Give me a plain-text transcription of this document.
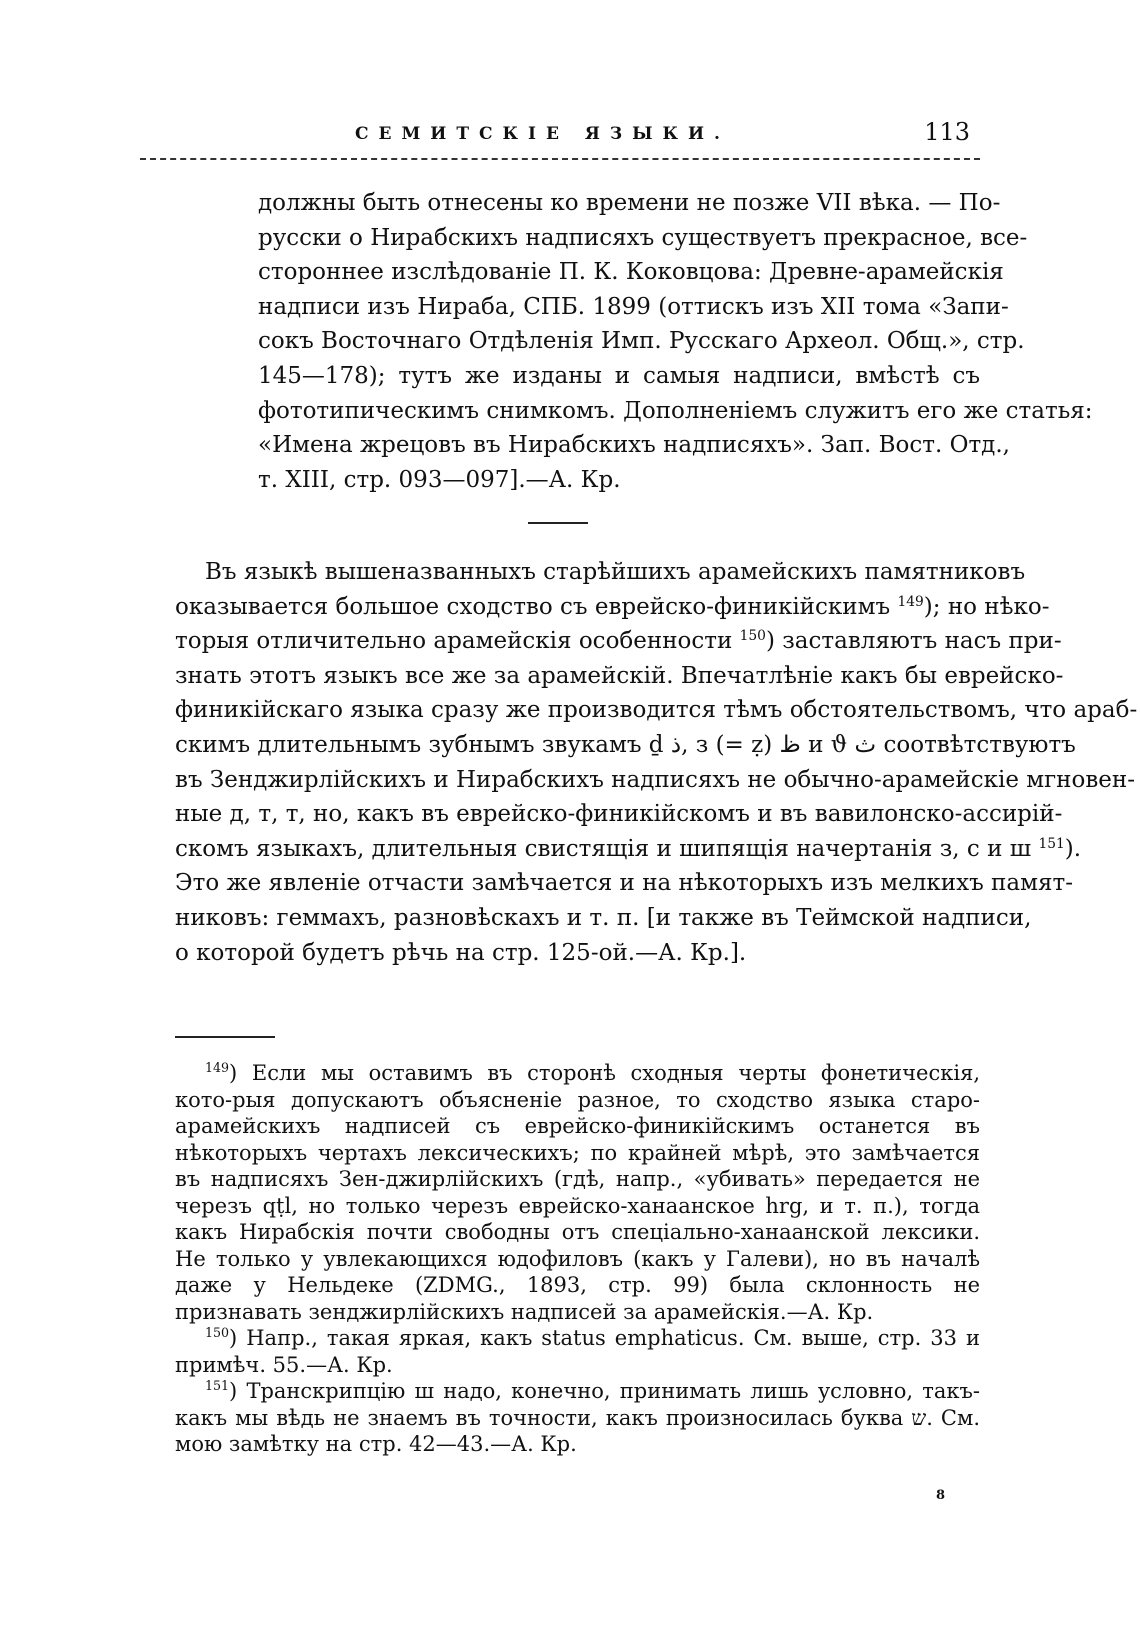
СЕМИТСКІЕ ЯЗЫКИ.	113
должны быть отнесены ко времени не позже VII вѣка. — По-
русски о Нирабскихъ надписяхъ существуетъ прекрасное, все-
стороннее изслѣдованіе П. К. Коковцова: Древне-арамейскія
надписи изъ Нираба, СПБ. 1899 (оттискъ изъ XII тома «Запи-
сокъ Восточнаго Отдѣленія Имп. Русскаго Археол. Общ.», стр.
145—178); тутъ же изданы и самыя надписи, вмѣстѣ съ
фототипическимъ снимкомъ. Дополненіемъ служитъ его же статья:
«Имена жрецовъ въ Нирабскихъ надписяхъ». Зап. Вост. Отд.,
т. XIII, стр. 093—097].—А. Кр.
Въ языкѣ вышеназванныхъ старѣйшихъ арамейскихъ памятниковъ
оказывается большое сходство съ еврейско-финикійскимъ $^{149}$); но нѣко-
торыя отличительно арамейскія особенности $^{150}$) заставляютъ насъ при-
знать этотъ языкъ все же за арамейскій. Впечатлѣніе какъ бы еврейско-
финикійскаго языка сразу же производится тѣмъ обстоятельствомъ, что араб-
скимъ длительнымъ зубнымъ звукамъ ḏ ذ, з (= ẓ) ظ и ϑ ث соотвѣтствуютъ
въ Зенджирлійскихъ и Нирабскихъ надписяхъ не обычно-арамейскіе мгновен-
ные д, т, т, но, какъ въ еврейско-финикійскомъ и въ вавилонско-ассирій-
скомъ языкахъ, длительныя свистящія и шипящія начертанія з, с и ш $^{151}$).
Это же явленіе отчасти замѣчается и на нѣкоторыхъ изъ мелкихъ памят-
никовъ: геммахъ, разновѣскахъ и т. п. [и также въ Теймской надписи,
о которой будетъ рѣчь на стр. 125-ой.—А. Кр.].

$^{149}$) Если мы оставимъ въ сторонѣ сходныя черты фонетическія, кото-рыя допускаютъ объясненіе разное, то сходство языка старо-арамейскихъ надписей съ еврейско-финикійскимъ останется въ нѣкоторыхъ чертахъ лексическихъ; по крайней мѣрѣ, это замѣчается въ надписяхъ Зен-джирлійскихъ (гдѣ, напр., «убивать» передается не черезъ qṭl, но только черезъ еврейско-ханаанское hrg, и т. п.), тогда какъ Нирабскія почти свободны отъ спеціально-ханаанской лексики. Не только у увлекающихся юдофиловъ (какъ у Галеви), но въ началѣ даже у Нельдеке (ZDMG., 1893, стр. 99) была склонность не признавать зенджирлійскихъ надписей за арамейскія.—А. Кр.

$^{150}$) Напр., такая яркая, какъ status emphaticus. См. выше, стр. 33 и примѣч. 55.—А. Кр.

$^{151}$) Транскрипцію ш надо, конечно, принимать лишь условно, такъ-какъ мы вѣдь не знаемъ въ точности, какъ произносилась буква ש. См. мою замѣтку на стр. 42—43.—А. Кр.

8
